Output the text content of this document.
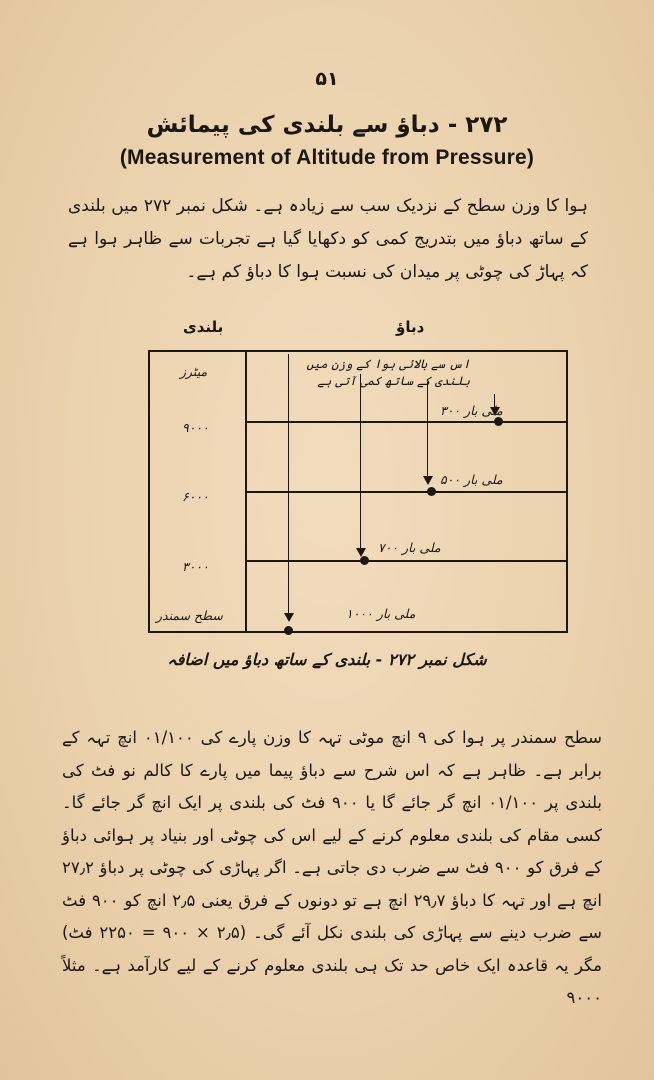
۵۱
۲۷۲ - دباؤ سے بلندی کی پیمائش
(Measurement of Altitude from Pressure)
ہوا کا وزن سطح کے نزدیک سب سے زیادہ ہے۔ شکل نمبر ۲۷۲ میں بلندی کے ساتھ دباؤ میں بتدریج کمی کو دکھایا گیا ہے تجربات سے ظاہر ہوا ہے کہ پہاڑ کی چوٹی پر میدان کی نسبت ہوا کا دباؤ کم ہے۔
بلندی	دباؤ
میٹرز	اس سے بالائی ہوا کے وزن میں بلندی کے ساتھ کمی آتی ہے
۹۰۰۰
۶۰۰۰
۳۰۰۰
سطح سمندر
۳۰۰ ملی بار
۵۰۰ ملی بار
۷۰۰ ملی بار
۱۰۰۰ ملی بار
شکل نمبر ۲۷۲ - بلندی کے ساتھ دباؤ میں اضافہ
سطح سمندر پر ہوا کی ۹ انچ موٹی تہہ کا وزن پارے کی ۰۱/۱۰۰ انچ تہہ کے برابر ہے۔ ظاہر ہے کہ اس شرح سے دباؤ پیما میں پارے کا کالم نو فٹ کی بلندی پر ۰۱/۱۰۰ انچ گر جائے گا یا ۹۰۰ فٹ کی بلندی پر ایک انچ گر جائے گا۔ کسی مقام کی بلندی معلوم کرنے کے لیے اس کی چوٹی اور بنیاد پر ہوائی دباؤ کے فرق کو ۹۰۰ فٹ سے ضرب دی جاتی ہے۔ اگر پہاڑی کی چوٹی پر دباؤ ۲۷٫۲ انچ ہے اور تہہ کا دباؤ ۲۹٫۷ انچ ہے تو دونوں کے فرق یعنی ۲٫۵ انچ کو ۹۰۰ فٹ سے ضرب دینے سے پہاڑی کی بلندی نکل آئے گی۔ (۲٫۵ × ۹۰۰ = ۲۲۵۰ فٹ) مگر یہ قاعدہ ایک خاص حد تک ہی بلندی معلوم کرنے کے لیے کارآمد ہے۔ مثلاً ۹۰۰۰
